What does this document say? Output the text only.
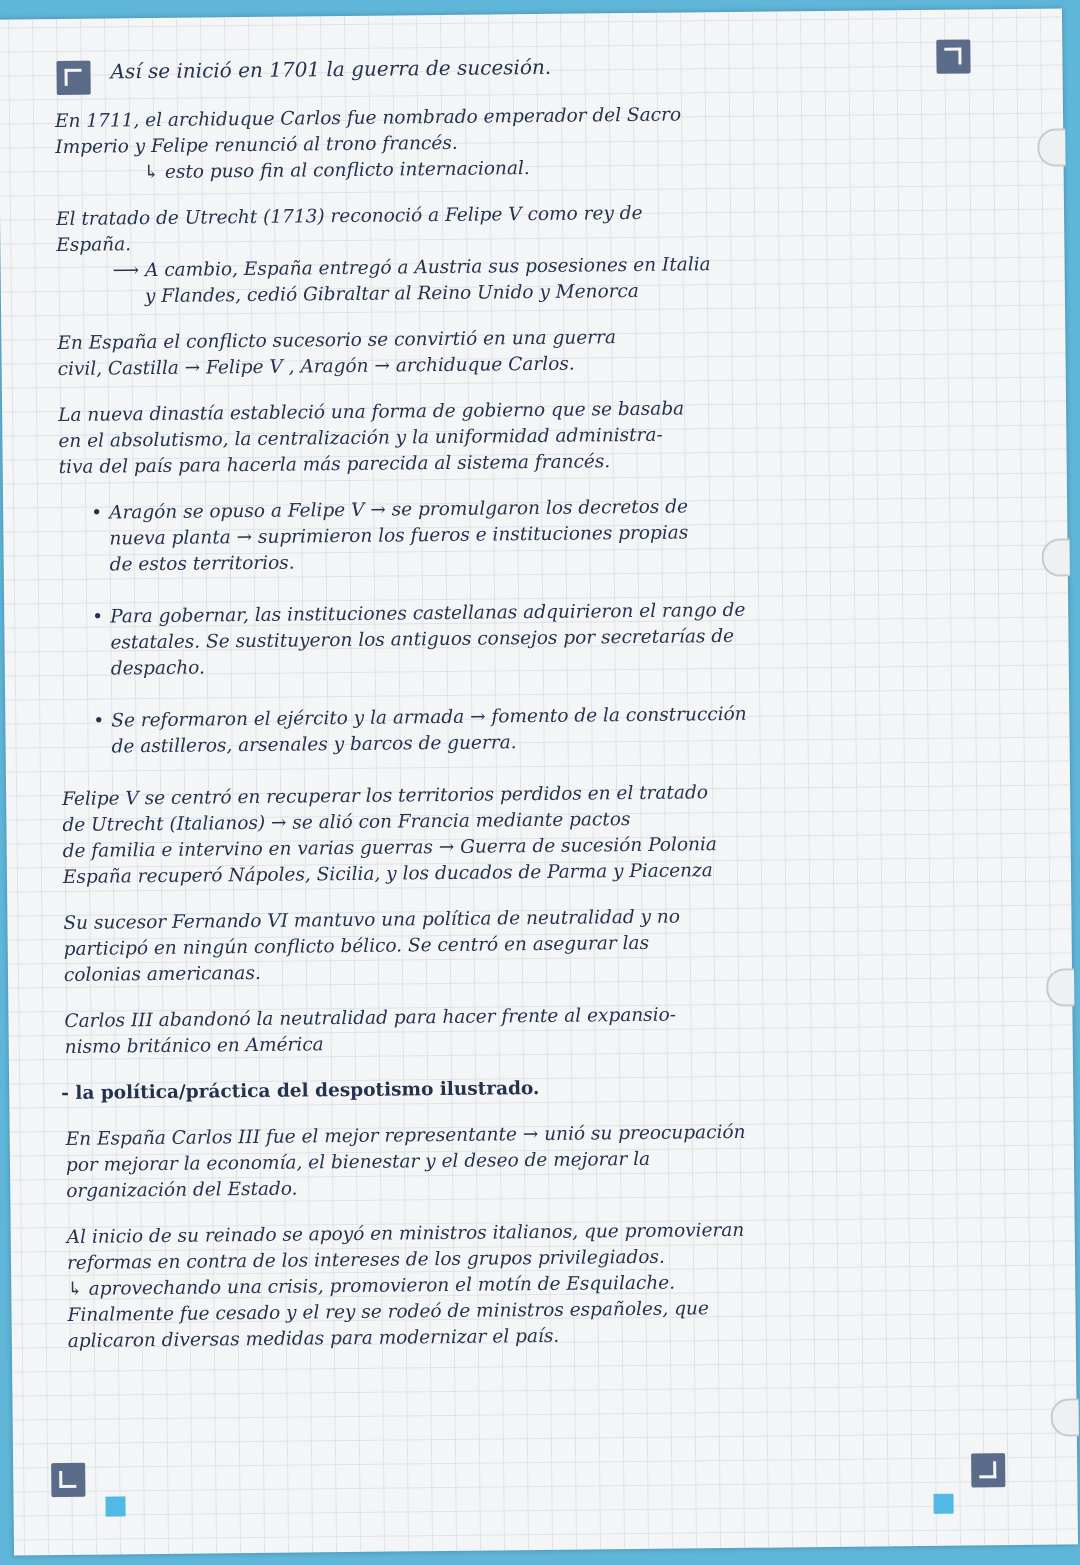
Así se inició en 1701 la guerra de sucesión.
En 1711, el archiduque Carlos fue nombrado emperador del Sacro
Imperio y Felipe renunció al trono francés.
↳ esto puso fin al conflicto internacional.
El tratado de Utrecht (1713) reconoció a Felipe V como rey de
España.
⟶ A cambio, España entregó a Austria sus posesiones en Italia
y Flandes, cedió Gibraltar al Reino Unido y Menorca
En España el conflicto sucesorio se convirtió en una guerra
civil, Castilla → Felipe V , Aragón → archiduque Carlos.
La nueva dinastía estableció una forma de gobierno que se basaba
en el absolutismo, la centralización y la uniformidad administra-
tiva del país para hacerla más parecida al sistema francés.
• Aragón se opuso a Felipe V → se promulgaron los decretos de
nueva planta → suprimieron los fueros e instituciones propias
de estos territorios.
• Para gobernar, las instituciones castellanas adquirieron el rango de
estatales. Se sustituyeron los antiguos consejos por secretarías de
despacho.
• Se reformaron el ejército y la armada → fomento de la construcción
de astilleros, arsenales y barcos de guerra.
Felipe V se centró en recuperar los territorios perdidos en el tratado
de Utrecht (Italianos) → se alió con Francia mediante pactos
de familia e intervino en varias guerras → Guerra de sucesión Polonia
España recuperó Nápoles, Sicilia, y los ducados de Parma y Piacenza
Su sucesor Fernando VI mantuvo una política de neutralidad y no
participó en ningún conflicto bélico. Se centró en asegurar las
colonias americanas.
Carlos III abandonó la neutralidad para hacer frente al expansio-
nismo británico en América
- la política/práctica del despotismo ilustrado.
En España Carlos III fue el mejor representante → unió su preocupación
por mejorar la economía, el bienestar y el deseo de mejorar la
organización del Estado.
Al inicio de su reinado se apoyó en ministros italianos, que promovieran
reformas en contra de los intereses de los grupos privilegiados.
↳ aprovechando una crisis, promovieron el motín de Esquilache.
Finalmente fue cesado y el rey se rodeó de ministros españoles, que
aplicaron diversas medidas para modernizar el país.
